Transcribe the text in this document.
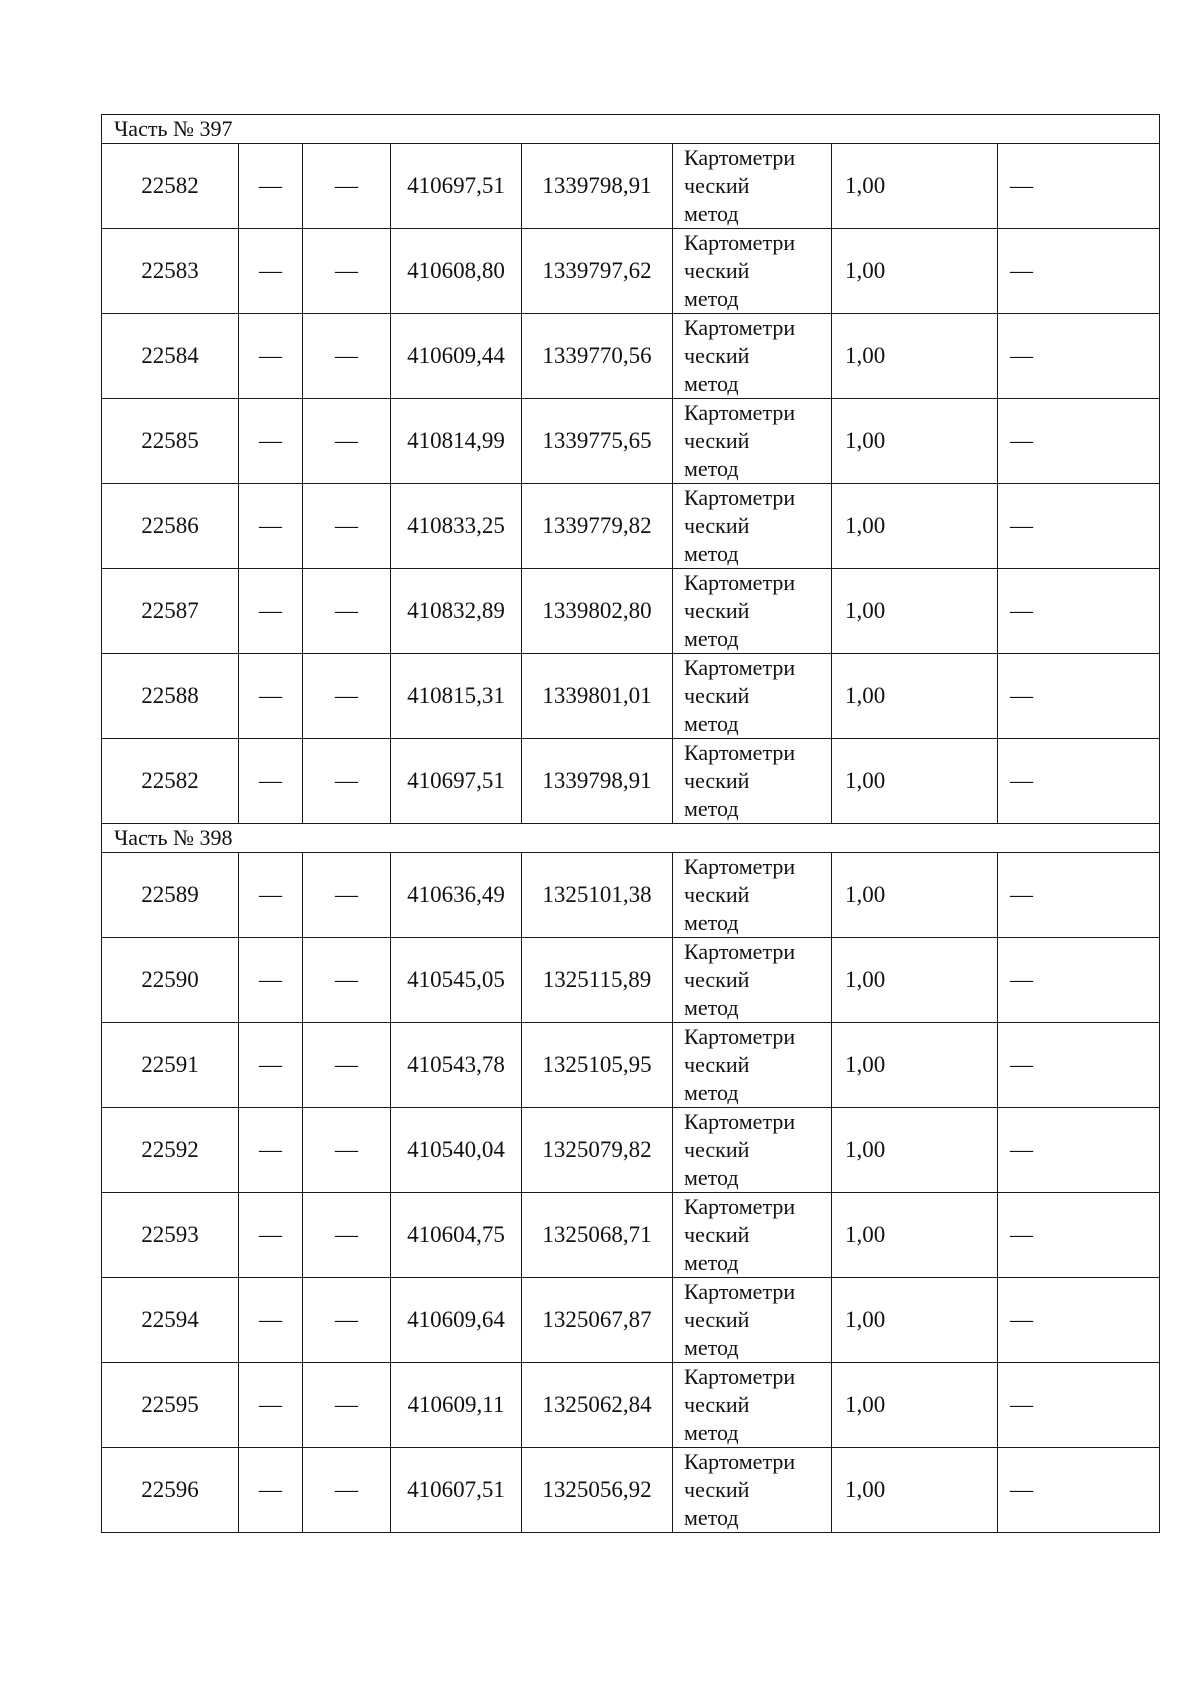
Часть № 397							
22582	—	—	410697,51	1339798,91	Картометри
ческий
метод	1,00	—
22583	—	—	410608,80	1339797,62	Картометри
ческий
метод	1,00	—
22584	—	—	410609,44	1339770,56	Картометри
ческий
метод	1,00	—
22585	—	—	410814,99	1339775,65	Картометри
ческий
метод	1,00	—
22586	—	—	410833,25	1339779,82	Картометри
ческий
метод	1,00	—
22587	—	—	410832,89	1339802,80	Картометри
ческий
метод	1,00	—
22588	—	—	410815,31	1339801,01	Картометри
ческий
метод	1,00	—
22582	—	—	410697,51	1339798,91	Картометри
ческий
метод	1,00	—
Часть № 398							
22589	—	—	410636,49	1325101,38	Картометри
ческий
метод	1,00	—
22590	—	—	410545,05	1325115,89	Картометри
ческий
метод	1,00	—
22591	—	—	410543,78	1325105,95	Картометри
ческий
метод	1,00	—
22592	—	—	410540,04	1325079,82	Картометри
ческий
метод	1,00	—
22593	—	—	410604,75	1325068,71	Картометри
ческий
метод	1,00	—
22594	—	—	410609,64	1325067,87	Картометри
ческий
метод	1,00	—
22595	—	—	410609,11	1325062,84	Картометри
ческий
метод	1,00	—
22596	—	—	410607,51	1325056,92	Картометри
ческий
метод	1,00	—
